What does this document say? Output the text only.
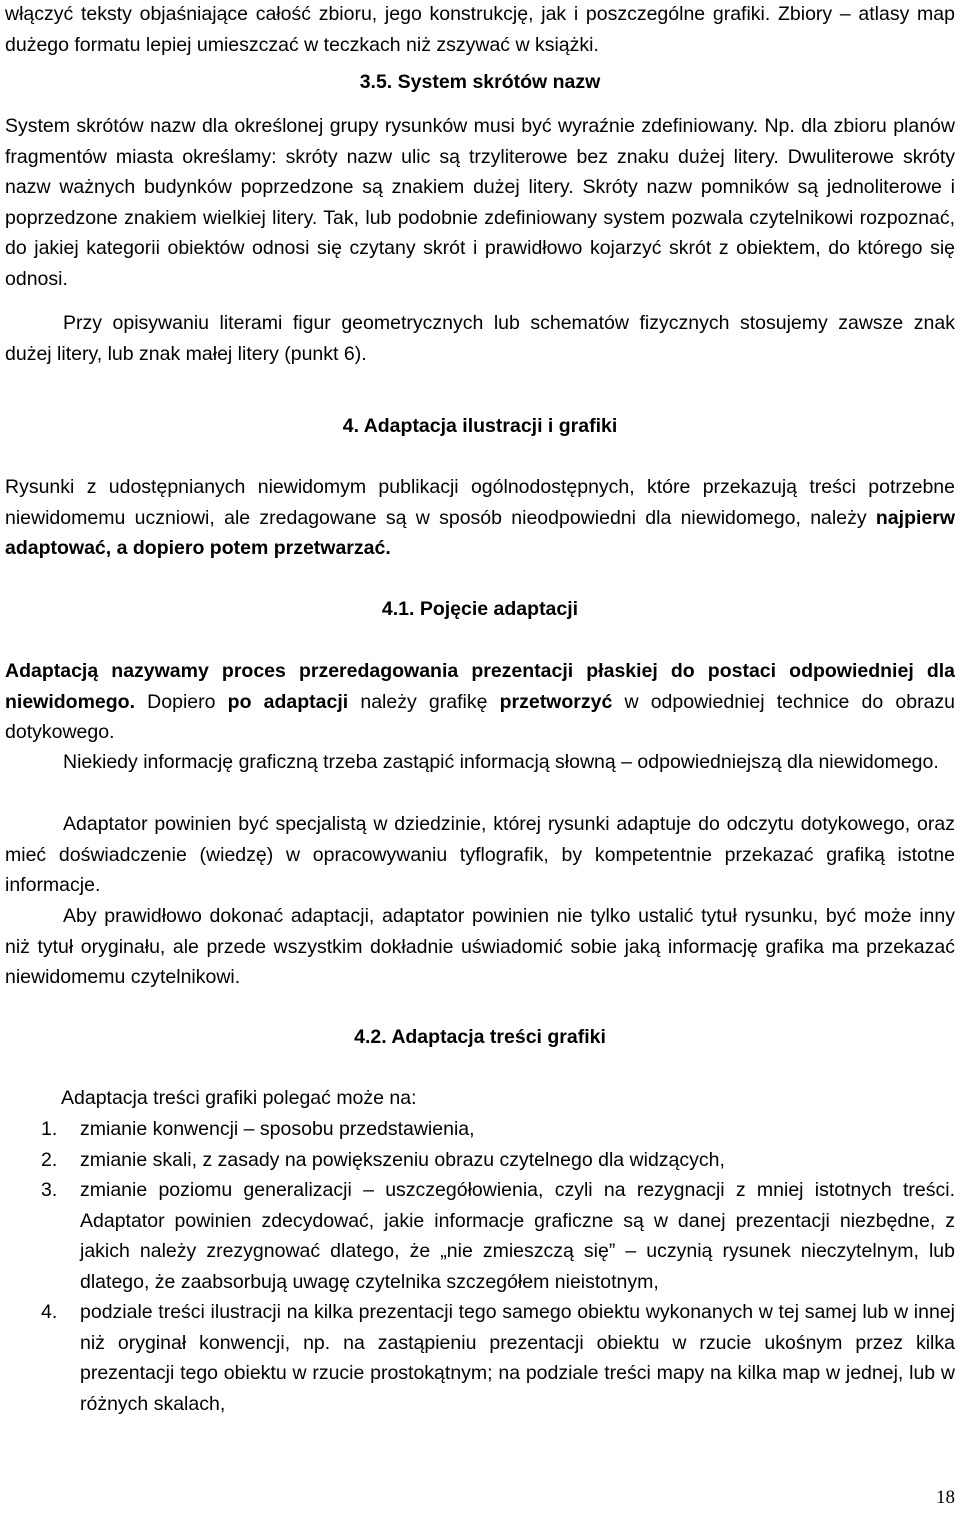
włączyć teksty objaśniające całość zbioru, jego konstrukcję, jak i poszczególne grafiki. Zbiory – atlasy map dużego formatu lepiej umieszczać w teczkach niż zszywać w książki.

3.5. System skrótów nazw

System skrótów nazw dla określonej grupy rysunków musi być wyraźnie zdefiniowany. Np. dla zbioru planów fragmentów miasta określamy: skróty nazw ulic są trzyliterowe bez znaku dużej litery. Dwuliterowe skróty nazw ważnych budynków poprzedzone są znakiem dużej litery. Skróty nazw pomników są jednoliterowe i poprzedzone znakiem wielkiej litery. Tak, lub podobnie zdefiniowany system pozwala czytelnikowi rozpoznać, do jakiej kategorii obiektów odnosi się czytany skrót i prawidłowo kojarzyć skrót z obiektem, do którego się odnosi.

Przy opisywaniu literami figur geometrycznych lub schematów fizycznych stosujemy zawsze znak dużej litery, lub znak małej litery (punkt 6).

4. Adaptacja ilustracji i grafiki

Rysunki z udostępnianych niewidomym publikacji ogólnodostępnych, które przekazują treści potrzebne niewidomemu uczniowi, ale zredagowane są w sposób nieodpowiedni dla niewidomego, należy najpierw adaptować, a dopiero potem przetwarzać.

4.1. Pojęcie adaptacji

Adaptacją nazywamy proces przeredagowania prezentacji płaskiej do postaci odpowiedniej dla niewidomego. Dopiero po adaptacji należy grafikę przetworzyć w odpowiedniej technice do obrazu dotykowego.

Niekiedy informację graficzną trzeba zastąpić informacją słowną – odpowiedniejszą dla niewidomego.

Adaptator powinien być specjalistą w dziedzinie, której rysunki adaptuje do odczytu dotykowego, oraz mieć doświadczenie (wiedzę) w opracowywaniu tyflografik, by kompetentnie przekazać grafiką istotne informacje.

Aby prawidłowo dokonać adaptacji, adaptator powinien nie tylko ustalić tytuł rysunku, być może inny niż tytuł oryginału, ale przede wszystkim dokładnie uświadomić sobie jaką informację grafika ma przekazać niewidomemu czytelnikowi.

4.2. Adaptacja treści grafiki

Adaptacja treści grafiki polegać może na:

1. zmianie konwencji – sposobu przedstawienia,
2. zmianie skali, z zasady na powiększeniu obrazu czytelnego dla widzących,
3. zmianie poziomu generalizacji – uszczegółowienia, czyli na rezygnacji z mniej istotnych treści. Adaptator powinien zdecydować, jakie informacje graficzne są w danej prezentacji niezbędne, z jakich należy zrezygnować dlatego, że „nie zmieszczą się” – uczynią rysunek nieczytelnym, lub dlatego, że zaabsorbują uwagę czytelnika szczegółem nieistotnym,
4. podziale treści ilustracji na kilka prezentacji tego samego obiektu wykonanych w tej samej lub w innej niż oryginał konwencji, np. na zastąpieniu prezentacji obiektu w rzucie ukośnym przez kilka prezentacji tego obiektu w rzucie prostokątnym; na podziale treści mapy na kilka map w jednej, lub w różnych skalach,
18
